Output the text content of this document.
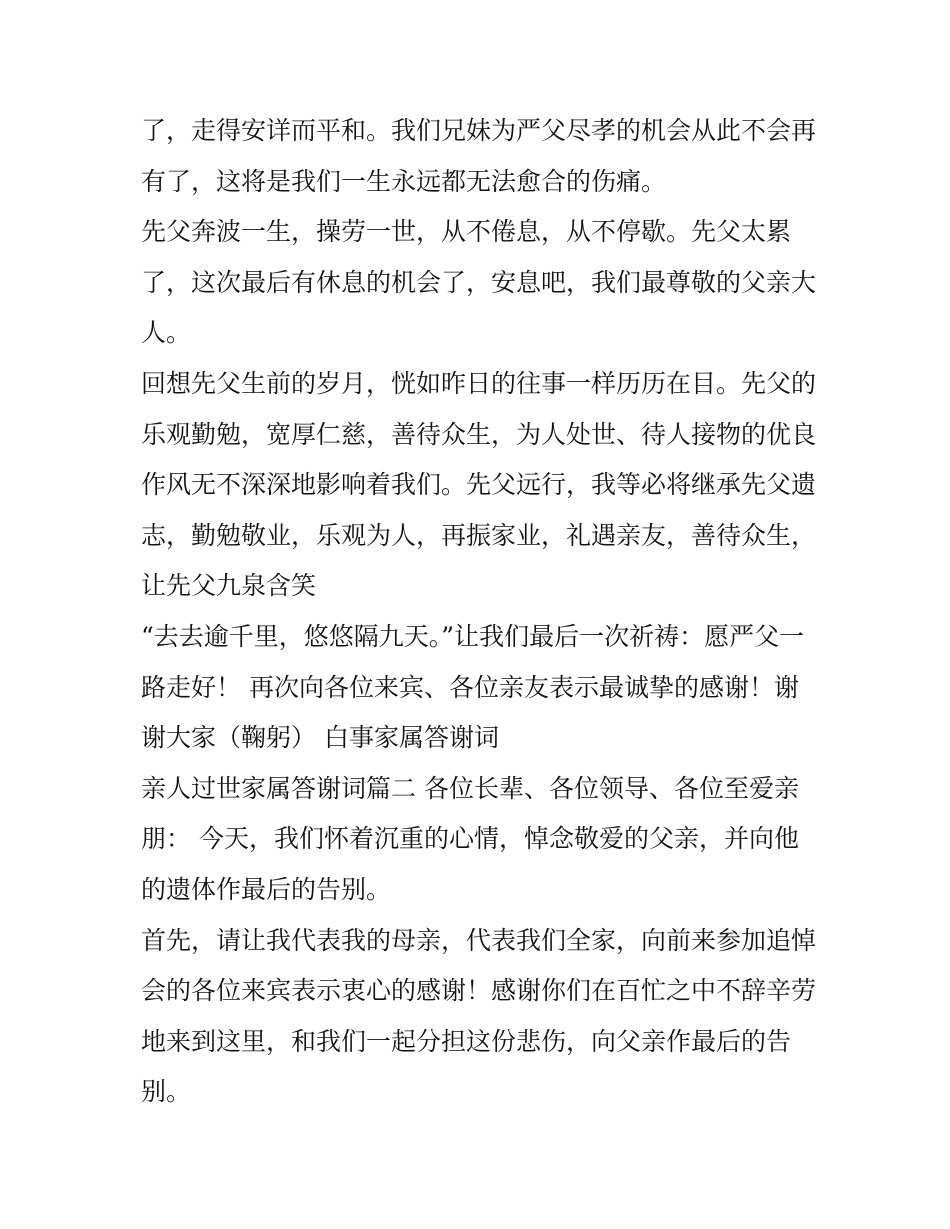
了，走得安详而平和。我们兄妹为严父尽孝的机会从此不会再
有了，这将是我们一生永远都无法愈合的伤痛。
先父奔波一生，操劳一世，从不倦息，从不停歇。先父太累
了，这次最后有休息的机会了，安息吧，我们最尊敬的父亲大
人。
回想先父生前的岁月，恍如昨日的往事一样历历在目。先父的
乐观勤勉，宽厚仁慈，善待众生，为人处世、待人接物的优良
作风无不深深地影响着我们。先父远行，我等必将继承先父遗
志，勤勉敬业，乐观为人，再振家业，礼遇亲友，善待众生，
让先父九泉含笑
“去去逾千里，悠悠隔九天。”让我们最后一次祈祷：愿严父一
路走好！ 再次向各位来宾、各位亲友表示最诚挚的感谢！谢
谢大家（鞠躬） 白事家属答谢词
亲人过世家属答谢词篇二 各位长辈、各位领导、各位至爱亲
朋： 今天，我们怀着沉重的心情，悼念敬爱的父亲，并向他
的遗体作最后的告别。
首先，请让我代表我的母亲，代表我们全家，向前来参加追悼
会的各位来宾表示衷心的感谢！感谢你们在百忙之中不辞辛劳
地来到这里，和我们一起分担这份悲伤，向父亲作最后的告
别。
